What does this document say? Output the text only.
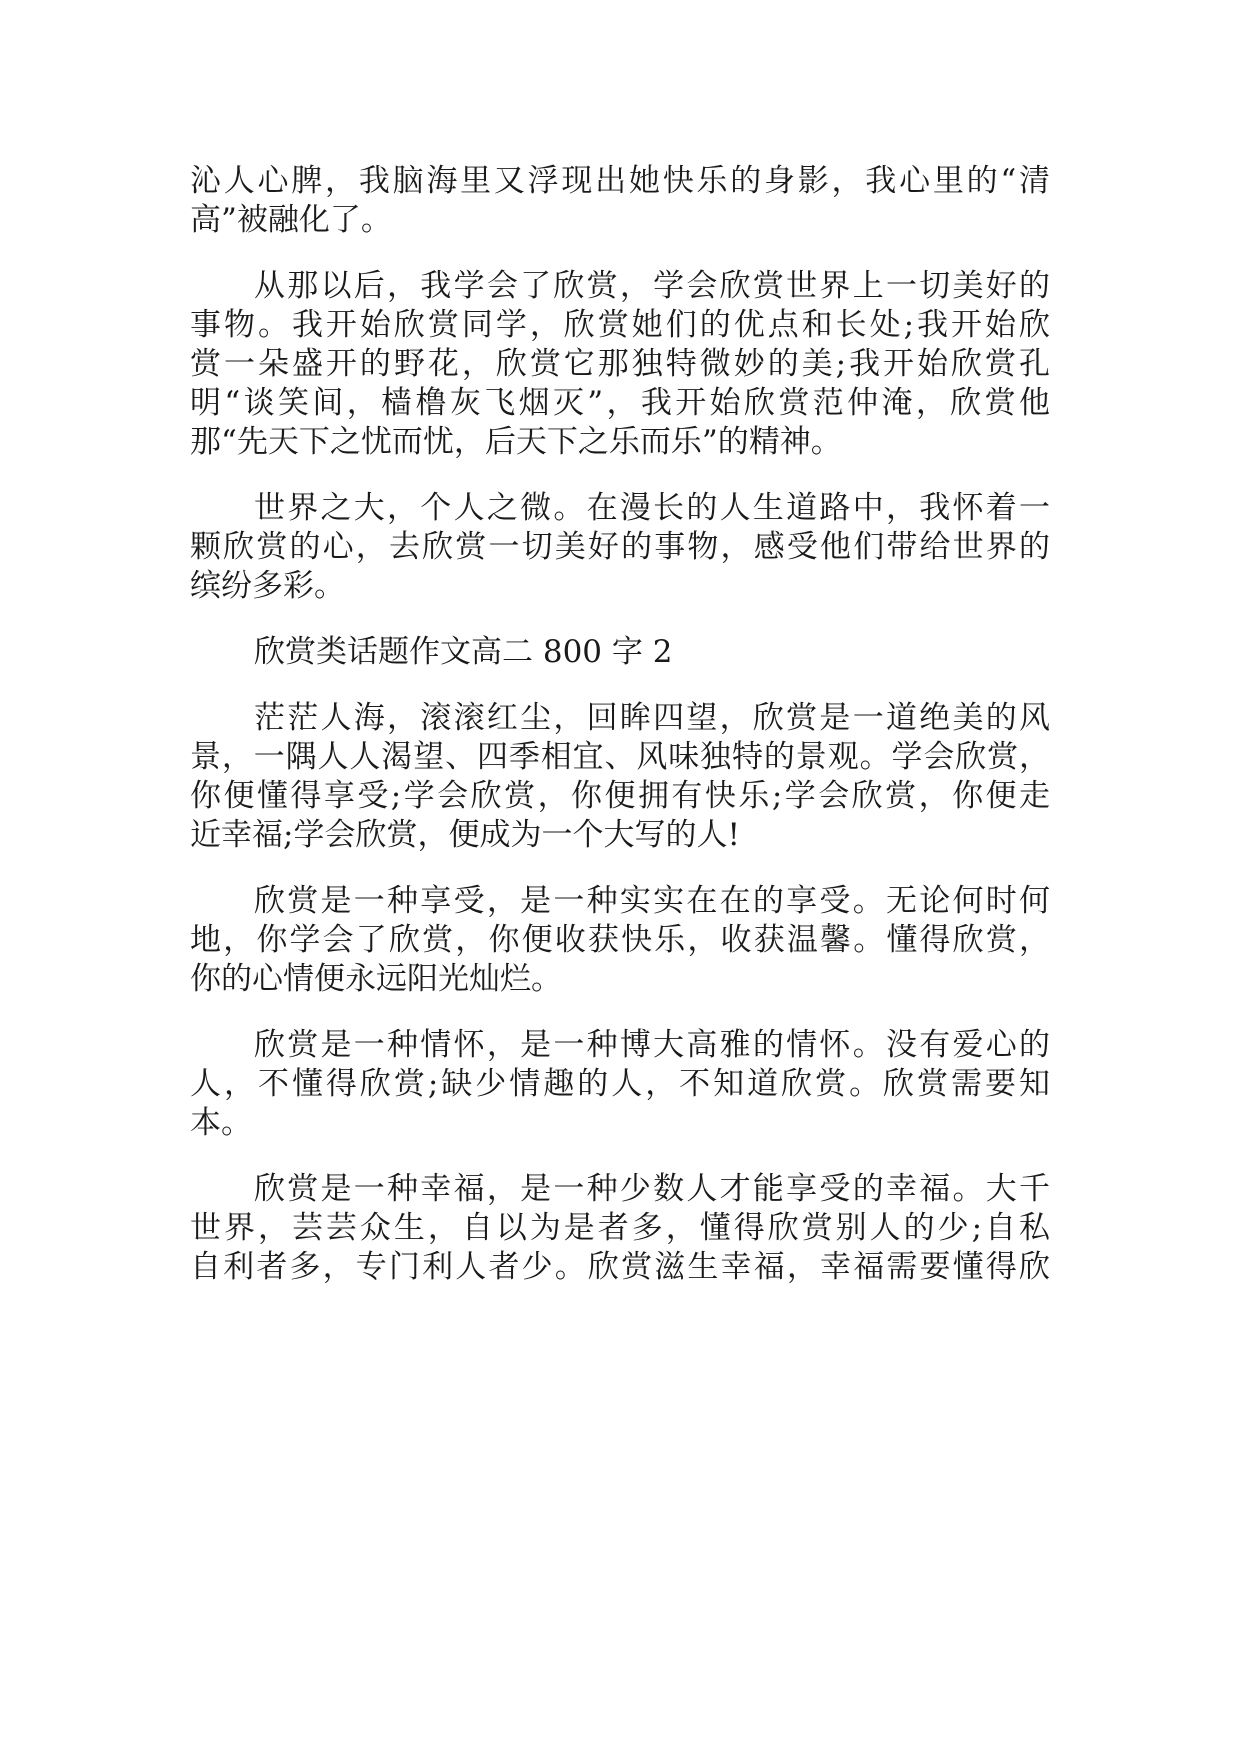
沁人心脾，我脑海里又浮现出她快乐的身影，我心里的“清
高”被融化了。
从那以后，我学会了欣赏，学会欣赏世界上一切美好的
事物。我开始欣赏同学，欣赏她们的优点和长处;我开始欣
赏一朵盛开的野花，欣赏它那独特微妙的美;我开始欣赏孔
明“谈笑间，樯橹灰飞烟灭”，我开始欣赏范仲淹，欣赏他
那“先天下之忧而忧，后天下之乐而乐”的精神。
世界之大，个人之微。在漫长的人生道路中，我怀着一
颗欣赏的心，去欣赏一切美好的事物，感受他们带给世界的
缤纷多彩。
欣赏类话题作文高二 800 字 2
茫茫人海，滚滚红尘，回眸四望，欣赏是一道绝美的风
景，一隅人人渴望、四季相宜、风味独特的景观。学会欣赏，
你便懂得享受;学会欣赏，你便拥有快乐;学会欣赏，你便走
近幸福;学会欣赏，便成为一个大写的人!
欣赏是一种享受，是一种实实在在的享受。无论何时何
地，你学会了欣赏，你便收获快乐，收获温馨。懂得欣赏，
你的心情便永远阳光灿烂。
欣赏是一种情怀，是一种博大高雅的情怀。没有爱心的
人，不懂得欣赏;缺少情趣的人，不知道欣赏。欣赏需要知
本。
欣赏是一种幸福，是一种少数人才能享受的幸福。大千
世界，芸芸众生，自以为是者多，懂得欣赏别人的少;自私
自利者多，专门利人者少。欣赏滋生幸福，幸福需要懂得欣
